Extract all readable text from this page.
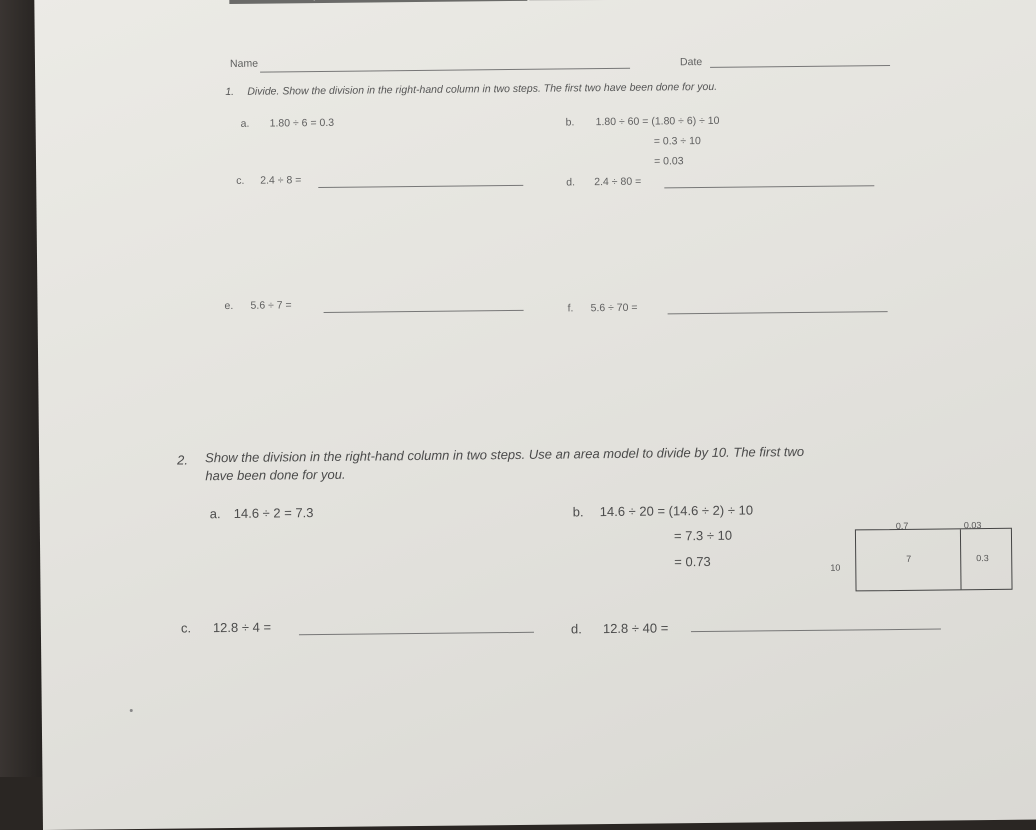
Name	Date
1. Divide. Show the division in the right-hand column in two steps. The first two have been done for you.
a. 1.80 ÷ 6 = 0.3	b. 1.80 ÷ 60 = (1.80 ÷ 6) ÷ 10
= 0.3 ÷ 10
= 0.03
c. 2.4 ÷ 8 =	d. 2.4 ÷ 80 =
e. 5.6 ÷ 7 =	f. 5.6 ÷ 70 =
2. Show the division in the right-hand column in two steps. Use an area model to divide by 10. The first two
have been done for you.
a. 14.6 ÷ 2 = 7.3	b. 14.6 ÷ 20 = (14.6 ÷ 2) ÷ 10
= 7.3 ÷ 10
= 0.73
0.7	0.03
10
7	0.3
c. 12.8 ÷ 4 =	d. 12.8 ÷ 40 =
